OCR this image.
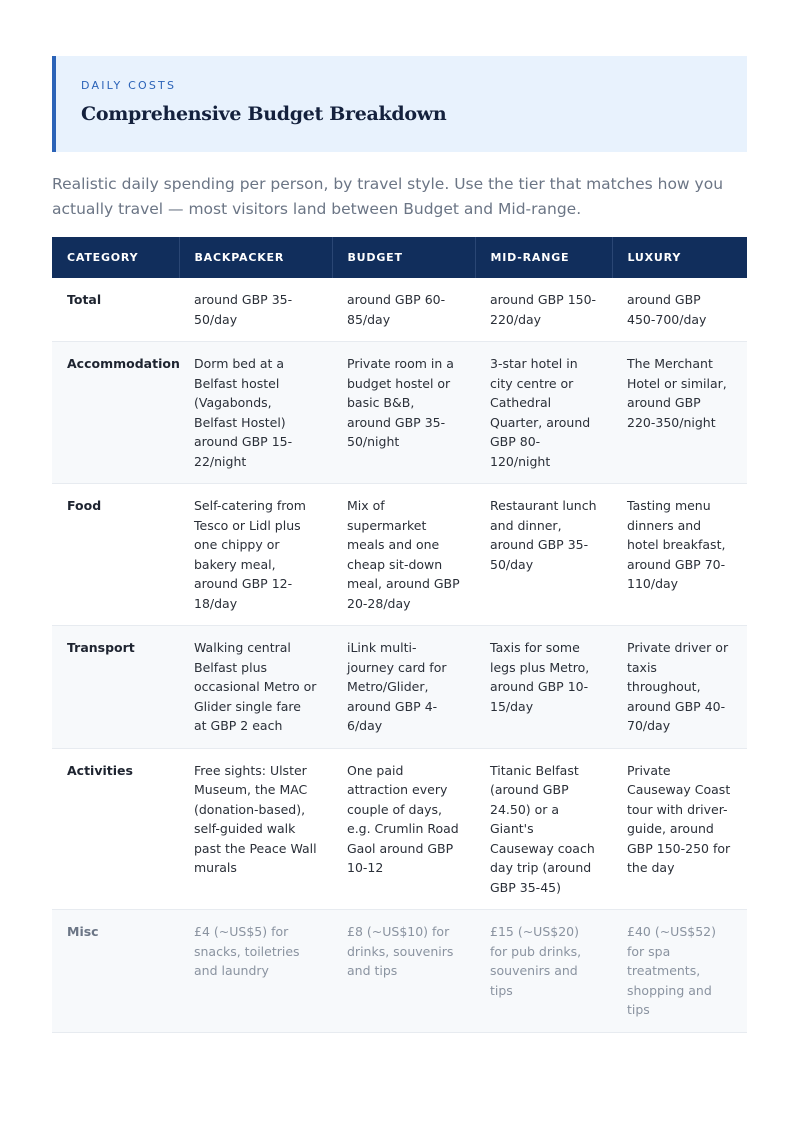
DAILY COSTS
Comprehensive Budget Breakdown
Realistic daily spending per person, by travel style. Use the tier that matches how you actually travel — most visitors land between Budget and Mid-range.
CATEGORY	BACKPACKER	BUDGET	MID-RANGE	LUXURY
Total	around GBP 35-50/day	around GBP 60-85/day	around GBP 150-220/day	around GBP 450-700/day
Accommodation	Dorm bed at a Belfast hostel (Vagabonds, Belfast Hostel) around GBP 15-22/night	Private room in a budget hostel or basic B&B, around GBP 35-50/night	3-star hotel in city centre or Cathedral Quarter, around GBP 80-120/night	The Merchant Hotel or similar, around GBP 220-350/night
Food	Self-catering from Tesco or Lidl plus one chippy or bakery meal, around GBP 12-18/day	Mix of supermarket meals and one cheap sit-down meal, around GBP 20-28/day	Restaurant lunch and dinner, around GBP 35-50/day	Tasting menu dinners and hotel breakfast, around GBP 70-110/day
Transport	Walking central Belfast plus occasional Metro or Glider single fare at GBP 2 each	iLink multi-journey card for Metro/Glider, around GBP 4-6/day	Taxis for some legs plus Metro, around GBP 10-15/day	Private driver or taxis throughout, around GBP 40-70/day
Activities	Free sights: Ulster Museum, the MAC (donation-based), self-guided walk past the Peace Wall murals	One paid attraction every couple of days, e.g. Crumlin Road Gaol around GBP 10-12	Titanic Belfast (around GBP 24.50) or a Giant's Causeway coach day trip (around GBP 35-45)	Private Causeway Coast tour with driver-guide, around GBP 150-250 for the day
Misc	£4 (~US$5) for snacks, toiletries and laundry	£8 (~US$10) for drinks, souvenirs and tips	£15 (~US$20) for pub drinks, souvenirs and tips	£40 (~US$52) for spa treatments, shopping and tips
